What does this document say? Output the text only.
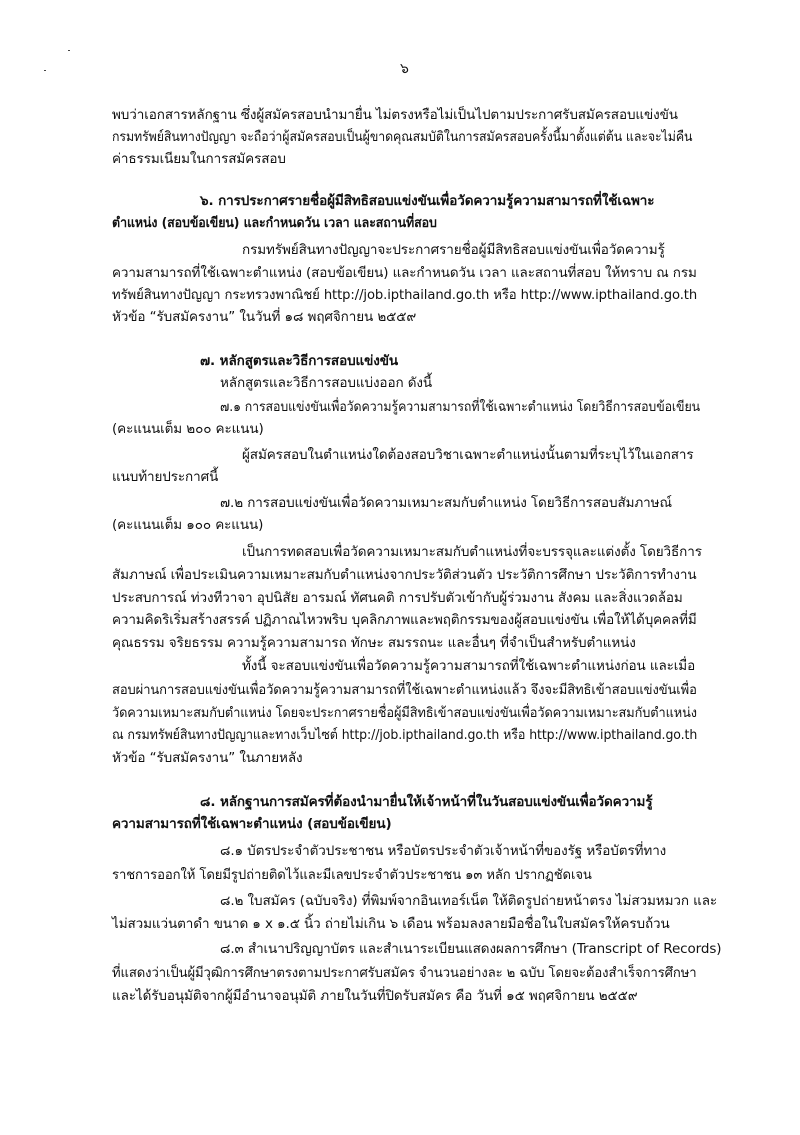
๖
พบว่าเอกสารหลักฐาน ซึ่งผู้สมัครสอบนำมายื่น ไม่ตรงหรือไม่เป็นไปตามประกาศรับสมัครสอบแข่งขัน
กรมทรัพย์สินทางปัญญา จะถือว่าผู้สมัครสอบเป็นผู้ขาดคุณสมบัติในการสมัครสอบครั้งนี้มาตั้งแต่ต้น และจะไม่คืน
ค่าธรรมเนียมในการสมัครสอบ
๖. การประกาศรายชื่อผู้มีสิทธิสอบแข่งขันเพื่อวัดความรู้ความสามารถที่ใช้เฉพาะ
ตำแหน่ง (สอบข้อเขียน) และกำหนดวัน เวลา และสถานที่สอบ
กรมทรัพย์สินทางปัญญาจะประกาศรายชื่อผู้มีสิทธิสอบแข่งขันเพื่อวัดความรู้
ความสามารถที่ใช้เฉพาะตำแหน่ง (สอบข้อเขียน) และกำหนดวัน เวลา และสถานที่สอบ ให้ทราบ ณ กรม
ทรัพย์สินทางปัญญา กระทรวงพาณิชย์ http://job.ipthailand.go.th หรือ http://www.ipthailand.go.th
หัวข้อ “รับสมัครงาน” ในวันที่ ๑๘ พฤศจิกายน ๒๕๕๙
๗. หลักสูตรและวิธีการสอบแข่งขัน
หลักสูตรและวิธีการสอบแบ่งออก ดังนี้
๗.๑ การสอบแข่งขันเพื่อวัดความรู้ความสามารถที่ใช้เฉพาะตำแหน่ง โดยวิธีการสอบข้อเขียน
(คะแนนเต็ม ๒๐๐ คะแนน)
ผู้สมัครสอบในตำแหน่งใดต้องสอบวิชาเฉพาะตำแหน่งนั้นตามที่ระบุไว้ในเอกสาร
แนบท้ายประกาศนี้
๗.๒ การสอบแข่งขันเพื่อวัดความเหมาะสมกับตำแหน่ง โดยวิธีการสอบสัมภาษณ์
(คะแนนเต็ม ๑๐๐ คะแนน)
เป็นการทดสอบเพื่อวัดความเหมาะสมกับตำแหน่งที่จะบรรจุและแต่งตั้ง โดยวิธีการ
สัมภาษณ์ เพื่อประเมินความเหมาะสมกับตำแหน่งจากประวัติส่วนตัว ประวัติการศึกษา ประวัติการทำงาน
ประสบการณ์ ท่วงทีวาจา อุปนิสัย อารมณ์ ทัศนคติ การปรับตัวเข้ากับผู้ร่วมงาน สังคม และสิ่งแวดล้อม
ความคิดริเริ่มสร้างสรรค์ ปฏิภาณไหวพริบ บุคลิกภาพและพฤติกรรมของผู้สอบแข่งขัน เพื่อให้ได้บุคคลที่มี
คุณธรรม จริยธรรม ความรู้ความสามารถ ทักษะ สมรรถนะ และอื่นๆ ที่จำเป็นสำหรับตำแหน่ง
ทั้งนี้ จะสอบแข่งขันเพื่อวัดความรู้ความสามารถที่ใช้เฉพาะตำแหน่งก่อน และเมื่อ
สอบผ่านการสอบแข่งขันเพื่อวัดความรู้ความสามารถที่ใช้เฉพาะตำแหน่งแล้ว จึงจะมีสิทธิเข้าสอบแข่งขันเพื่อ
วัดความเหมาะสมกับตำแหน่ง โดยจะประกาศรายชื่อผู้มีสิทธิเข้าสอบแข่งขันเพื่อวัดความเหมาะสมกับตำแหน่ง
ณ กรมทรัพย์สินทางปัญญาและทางเว็บไซต์ http://job.ipthailand.go.th หรือ http://www.ipthailand.go.th
หัวข้อ “รับสมัครงาน” ในภายหลัง
๘. หลักฐานการสมัครที่ต้องนำมายื่นให้เจ้าหน้าที่ในวันสอบแข่งขันเพื่อวัดความรู้
ความสามารถที่ใช้เฉพาะตำแหน่ง (สอบข้อเขียน)
๘.๑ บัตรประจำตัวประชาชน หรือบัตรประจำตัวเจ้าหน้าที่ของรัฐ หรือบัตรที่ทาง
ราชการออกให้ โดยมีรูปถ่ายติดไว้และมีเลขประจำตัวประชาชน ๑๓ หลัก ปรากฏชัดเจน
๘.๒ ใบสมัคร (ฉบับจริง) ที่พิมพ์จากอินเทอร์เน็ต ให้ติดรูปถ่ายหน้าตรง ไม่สวมหมวก และ
ไม่สวมแว่นตาดำ ขนาด ๑ x ๑.๕ นิ้ว ถ่ายไม่เกิน ๖ เดือน พร้อมลงลายมือชื่อในใบสมัครให้ครบถ้วน
๘.๓ สำเนาปริญญาบัตร และสำเนาระเบียนแสดงผลการศึกษา (Transcript of Records)
ที่แสดงว่าเป็นผู้มีวุฒิการศึกษาตรงตามประกาศรับสมัคร จำนวนอย่างละ ๒ ฉบับ โดยจะต้องสำเร็จการศึกษา
และได้รับอนุมัติจากผู้มีอำนาจอนุมัติ ภายในวันที่ปิดรับสมัคร คือ วันที่ ๑๕ พฤศจิกายน ๒๕๕๙
